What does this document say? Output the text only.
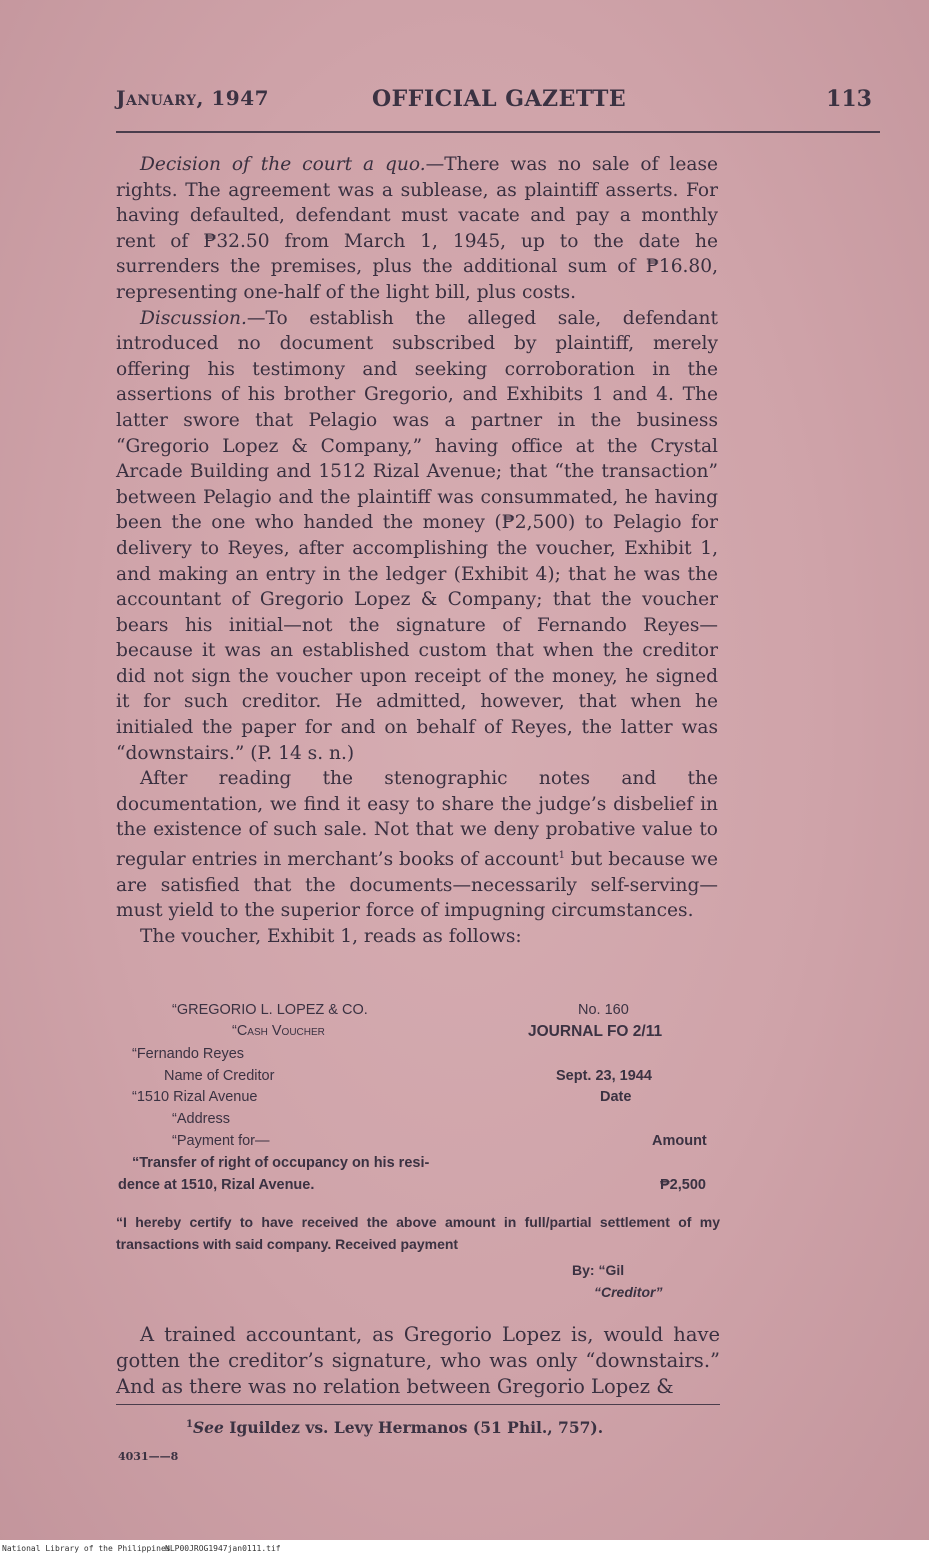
January, 1947	OFFICIAL GAZETTE	113

Decision of the court a quo.—There was no sale of lease rights. The agreement was a sublease, as plaintiff asserts. For having defaulted, defendant must vacate and pay a monthly rent of ₱32.50 from March 1, 1945, up to the date he surrenders the premises, plus the additional sum of ₱16.80, representing one-half of the light bill, plus costs.

Discussion.—To establish the alleged sale, defendant introduced no document subscribed by plaintiff, merely offering his testimony and seeking corroboration in the assertions of his brother Gregorio, and Exhibits 1 and 4. The latter swore that Pelagio was a partner in the business “Gregorio Lopez & Company,” having office at the Crystal Arcade Building and 1512 Rizal Avenue; that “the transaction” between Pelagio and the plaintiff was consummated, he having been the one who handed the money (₱2,500) to Pelagio for delivery to Reyes, after accomplishing the voucher, Exhibit 1, and making an entry in the ledger (Exhibit 4); that he was the accountant of Gregorio Lopez & Company; that the voucher bears his initial—not the signature of Fernando Reyes—because it was an established custom that when the creditor did not sign the voucher upon receipt of the money, he signed it for such creditor. He admitted, however, that when he initialed the paper for and on behalf of Reyes, the latter was “downstairs.” (P. 14 s. n.)

After reading the stenographic notes and the documentation, we find it easy to share the judge’s disbelief in the existence of such sale. Not that we deny probative value to regular entries in merchant’s books of account$^1$ but because we are satisfied that the documents—necessarily self-serving—must yield to the superior force of impugning circumstances.

The voucher, Exhibit 1, reads as follows:

“GREGORIO L. LOPEZ & CO.	No. 160
“Cash Voucher	JOURNAL FO 2/11
“Fernando Reyes
Name of Creditor	Sept. 23, 1944
“1510 Rizal Avenue	Date
“Address
“Payment for—	Amount
“Transfer of right of occupancy on his resi-
dence at 1510, Rizal Avenue.	₱2,500

“I hereby certify to have received the above amount in full/partial settlement of my transactions with said company. Received payment

By: “Gil
“Creditor”

A trained accountant, as Gregorio Lopez is, would have gotten the creditor’s signature, who was only “downstairs.” And as there was no relation between Gregorio Lopez &

$^1$See Iguildez vs. Levy Hermanos (51 Phil., 757).
4031——8
National Library of the Philippines
NLP00JROG1947jan0111.tif
